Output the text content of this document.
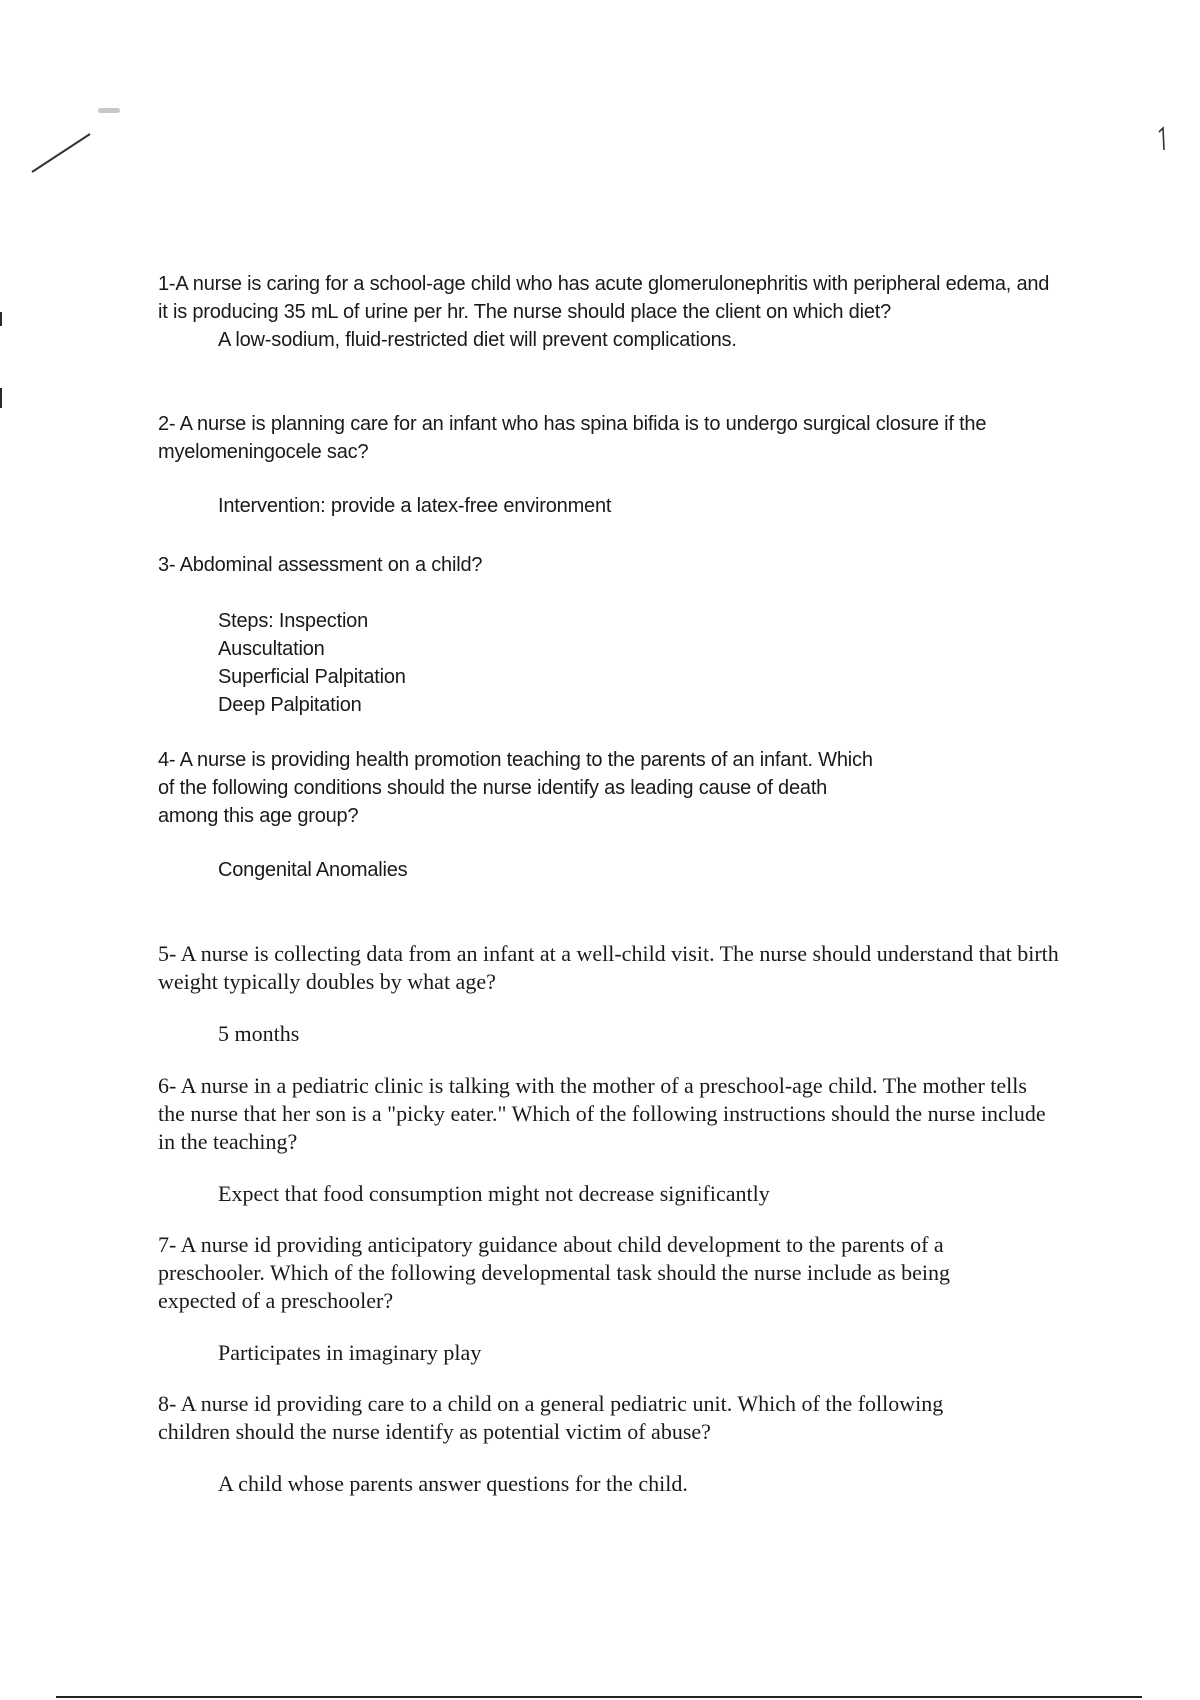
1-A nurse is caring for a school-age child who has acute glomerulonephritis with peripheral edema, and it is producing 35 mL of urine per hr. The nurse should place the client on which diet?

A low-sodium, fluid-restricted diet will prevent complications.

2- A nurse is planning care for an infant who has spina bifida is to undergo surgical closure if the myelomeningocele sac?

Intervention: provide a latex-free environment

3- Abdominal assessment on a child?

Steps: Inspection
Auscultation
Superficial Palpitation
Deep Palpitation

4- A nurse is providing health promotion teaching to the parents of an infant. Which of the following conditions should the nurse identify as leading cause of death among this age group?

Congenital Anomalies

5- A nurse is collecting data from an infant at a well-child visit. The nurse should understand that birth weight typically doubles by what age?

5 months

6- A nurse in a pediatric clinic is talking with the mother of a preschool-age child. The mother tells the nurse that her son is a "picky eater." Which of the following instructions should the nurse include in the teaching?

Expect that food consumption might not decrease significantly

7- A nurse id providing anticipatory guidance about child development to the parents of a preschooler. Which of the following developmental task should the nurse include as being expected of a preschooler?

Participates in imaginary play

8- A nurse id providing care to a child on a general pediatric unit. Which of the following children should the nurse identify as potential victim of abuse?

A child whose parents answer questions for the child.
